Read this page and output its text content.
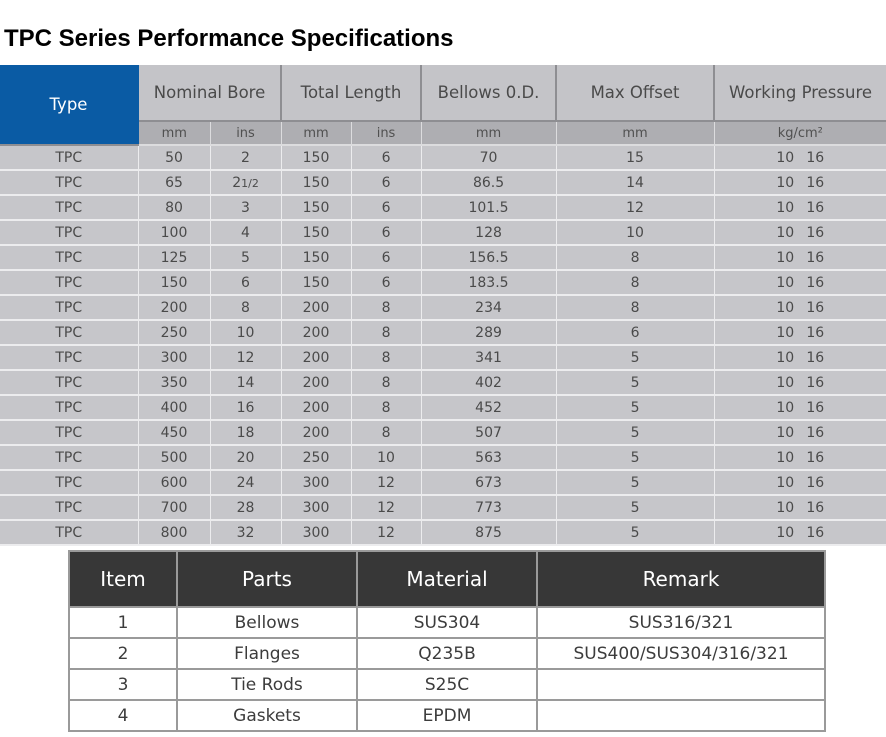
TPC Series Performance Specifications
Type	Nominal Bore		Total Length		Bellows 0.D.	Max Offset	Working Pressure
	mm	ins	mm	ins	mm	mm	kg/cm²
TPC	50	2	150	6	70	15	10 16
TPC	65	21/2	150	6	86.5	14	10 16
TPC	80	3	150	6	101.5	12	10 16
TPC	100	4	150	6	128	10	10 16
TPC	125	5	150	6	156.5	8	10 16
TPC	150	6	150	6	183.5	8	10 16
TPC	200	8	200	8	234	8	10 16
TPC	250	10	200	8	289	6	10 16
TPC	300	12	200	8	341	5	10 16
TPC	350	14	200	8	402	5	10 16
TPC	400	16	200	8	452	5	10 16
TPC	450	18	200	8	507	5	10 16
TPC	500	20	250	10	563	5	10 16
TPC	600	24	300	12	673	5	10 16
TPC	700	28	300	12	773	5	10 16
TPC	800	32	300	12	875	5	10 16
Item	Parts	Material	Remark
1	Bellows	SUS304	SUS316/321
2	Flanges	Q235B	SUS400/SUS304/316/321
3	Tie Rods	S25C	
4	Gaskets	EPDM	
